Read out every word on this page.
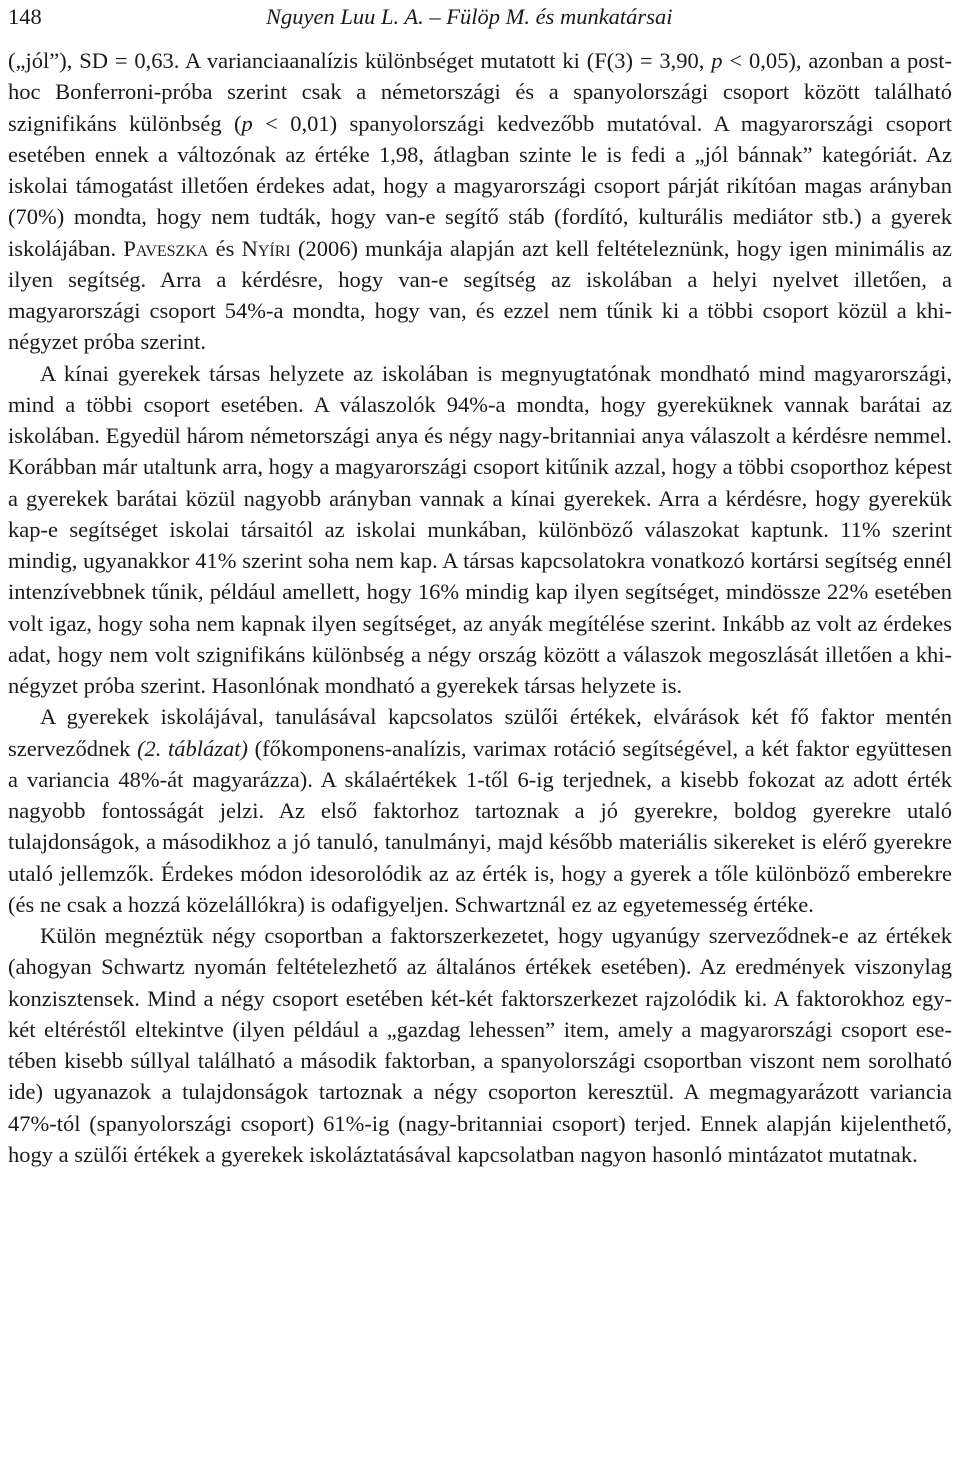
148	Nguyen Luu L. A. – Fülöp M. és munkatársai

(„jól”), SD = 0,63. A varianciaanalízis különbséget mutatott ki (F(3) = 3,90, p < 0,05), azonban a post-hoc Bonferroni-próba szerint csak a németországi és a spanyolországi csoport között található szignifikáns különbség (p < 0,01) spanyolországi kedvezőbb mutatóval. A magyarországi csoport esetében ennek a változónak az értéke 1,98, átlagban szinte le is fedi a „jól bánnak” kategóriát. Az iskolai támogatást illetően érdekes adat, hogy a magyarországi csoport párját rikítóan magas arányban (70%) mondta, hogy nem tudták, hogy van-e segítő stáb (fordító, kulturális mediátor stb.) a gyerek iskolájában. Paveszka és Nyíri (2006) munkája alapján azt kell feltételeznünk, hogy igen minimális az ilyen segítség. Arra a kérdésre, hogy van-e segítség az iskolában a helyi nyelvet illetően, a magyarországi csoport 54%-a mondta, hogy van, és ezzel nem tűnik ki a többi csoport közül a khi-négyzet próba szerint.

A kínai gyerekek társas helyzete az iskolában is megnyugtatónak mondható mind magyarországi, mind a többi csoport esetében. A válaszolók 94%-a mondta, hogy gyereküknek vannak barátai az iskolában. Egyedül három németországi anya és négy nagy-britanniai anya válaszolt a kérdésre nemmel. Korábban már utaltunk arra, hogy a magyarországi csoport kitűnik azzal, hogy a többi csoporthoz képest a gyerekek barátai közül nagyobb arányban vannak a kínai gyerekek. Arra a kérdésre, hogy gyerekük kap-e segítséget iskolai társaitól az iskolai munkában, különböző válaszokat kaptunk. 11% szerint mindig, ugyanakkor 41% szerint soha nem kap. A társas kapcsolatokra vonatkozó kortársi segítség ennél intenzívebbnek tűnik, például amellett, hogy 16% mindig kap ilyen segítséget, mindössze 22% esetében volt igaz, hogy soha nem kapnak ilyen segítséget, az anyák megítélése szerint. Inkább az volt az érdekes adat, hogy nem volt szignifikáns különbség a négy ország között a válaszok megoszlását illetően a khi-négyzet próba szerint. Hasonlónak mondható a gyerekek társas helyzete is.

A gyerekek iskolájával, tanulásával kapcsolatos szülői értékek, elvárások két fő faktor mentén szerveződnek (2. táblázat) (főkomponens-analízis, varimax rotáció segítségével, a két faktor együttesen a variancia 48%-át magyarázza). A skálaértékek 1-től 6-ig terjednek, a kisebb fokozat az adott érték nagyobb fontosságát jelzi. Az első faktorhoz tartoznak a jó gyerekre, boldog gyerekre utaló tulajdonságok, a másodikhoz a jó tanuló, tanulmányi, majd később materiális sikereket is elérő gyerekre utaló jellemzők. Érdekes módon idesorolódik az az érték is, hogy a gyerek a tőle különböző emberekre (és ne csak a hozzá közelállókra) is odafigyeljen. Schwartznál ez az egyetemesség értéke.

Külön megnéztük négy csoportban a faktorszerkezetet, hogy ugyanúgy szerveződnek-e az értékek (ahogyan Schwartz nyomán feltételezhető az általános értékek esetében). Az eredmények viszonylag konzisztensek. Mind a négy csoport esetében két-két faktorszerkezet rajzolódik ki. A faktorokhoz egy-két eltéréstől eltekintve (ilyen például a „gazdag lehessen” item, amely a magyarországi csoport esetében kisebb súllyal található a második faktorban, a spanyolországi csoportban viszont nem sorolható ide) ugyanazok a tulajdonságok tartoznak a négy csoporton keresztül. A megmagyarázott variancia 47%-tól (spanyolországi csoport) 61%-ig (nagy-britanniai csoport) terjed. Ennek alapján kijelenthető, hogy a szülői értékek a gyerekek iskoláztatásával kapcsolatban nagyon hasonló mintázatot mutatnak.
